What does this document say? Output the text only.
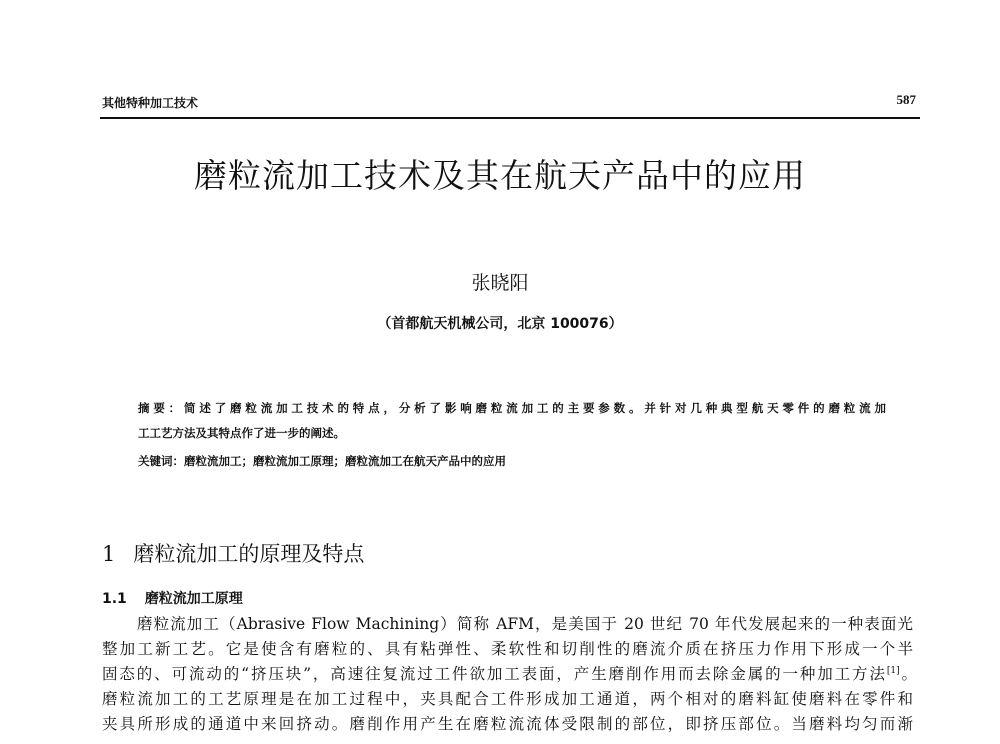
其他特种加工技术	587
磨粒流加工技术及其在航天产品中的应用
张晓阳
（首都航天机械公司，北京 100076）
摘要：简述了磨粒流加工技术的特点，分析了影响磨粒流加工的主要参数。并针对几种典型航天零件的磨粒流加
工工艺方法及其特点作了进一步的阐述。
关键词：磨粒流加工；磨粒流加工原理；磨粒流加工在航天产品中的应用
1 磨粒流加工的原理及特点
1.1 磨粒流加工原理
磨粒流加工（Abrasive Flow Machining）简称 AFM，是美国于 20 世纪 70 年代发展起来的一种表面光
整加工新工艺。它是使含有磨粒的、具有粘弹性、柔软性和切削性的磨流介质在挤压力作用下形成一个半
固态的、可流动的“挤压块”，高速往复流过工件欲加工表面，产生磨削作用而去除金属的一种加工方法[1]。
磨粒流加工的工艺原理是在加工过程中，夹具配合工件形成加工通道，两个相对的磨料缸使磨料在零件和
夹具所形成的通道中来回挤动。磨削作用产生在磨粒流流体受限制的部位，即挤压部位。当磨料均匀而渐
